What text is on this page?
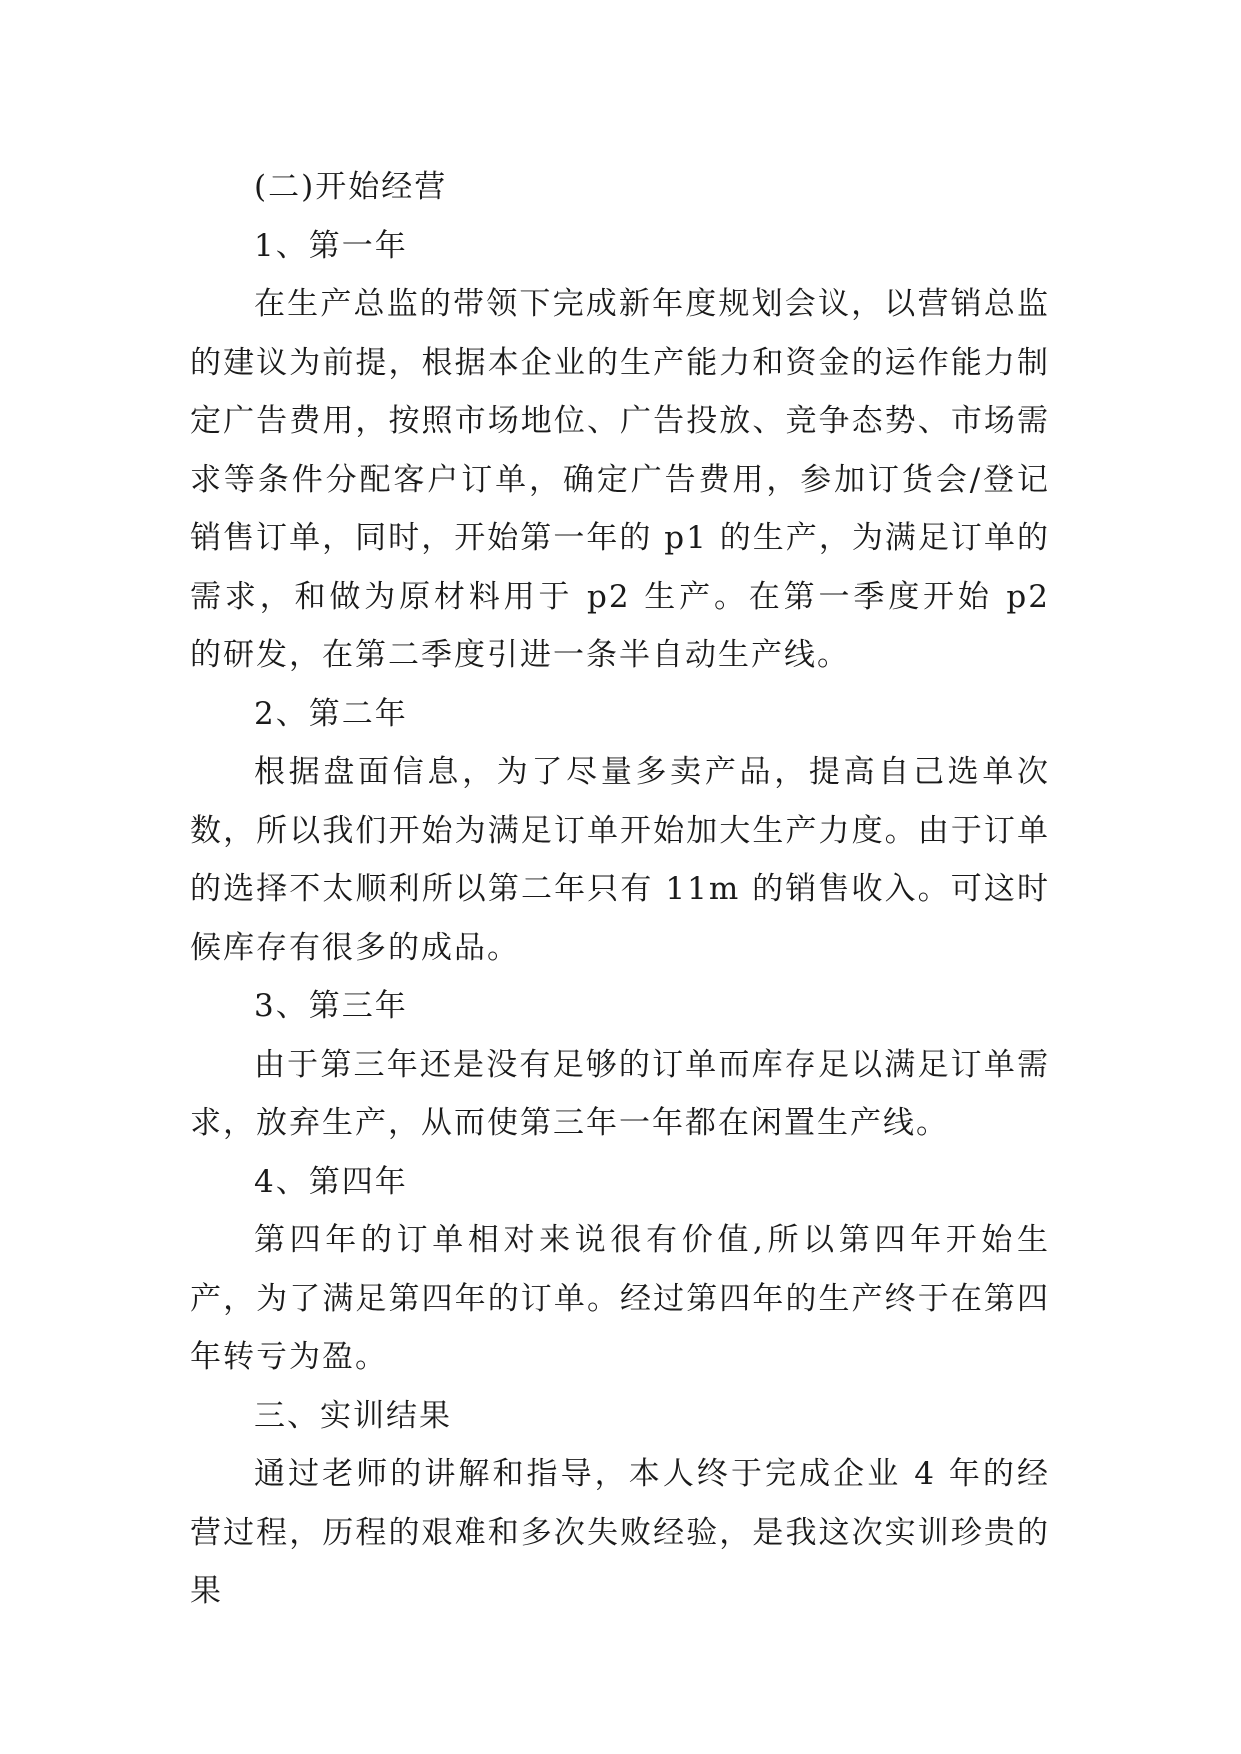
(二)开始经营
1、第一年

在生产总监的带领下完成新年度规划会议，以营销总监的建议为前提，根据本企业的生产能力和资金的运作能力制定广告费用，按照市场地位、广告投放、竞争态势、市场需求等条件分配客户订单，确定广告费用，参加订货会/登记销售订单，同时，开始第一年的 p1 的生产，为满足订单的需求，和做为原材料用于 p2 生产。在第一季度开始 p2 的研发，在第二季度引进一条半自动生产线。

2、第二年

根据盘面信息，为了尽量多卖产品，提高自己选单次数，所以我们开始为满足订单开始加大生产力度。由于订单的选择不太顺利所以第二年只有 11m 的销售收入。可这时候库存有很多的成品。

3、第三年

由于第三年还是没有足够的订单而库存足以满足订单需求，放弃生产，从而使第三年一年都在闲置生产线。

4、第四年

第四年的订单相对来说很有价值,所以第四年开始生产，为了满足第四年的订单。经过第四年的生产终于在第四年转亏为盈。

三、实训结果

通过老师的讲解和指导，本人终于完成企业 4 年的经营过程，历程的艰难和多次失败经验，是我这次实训珍贵的果
